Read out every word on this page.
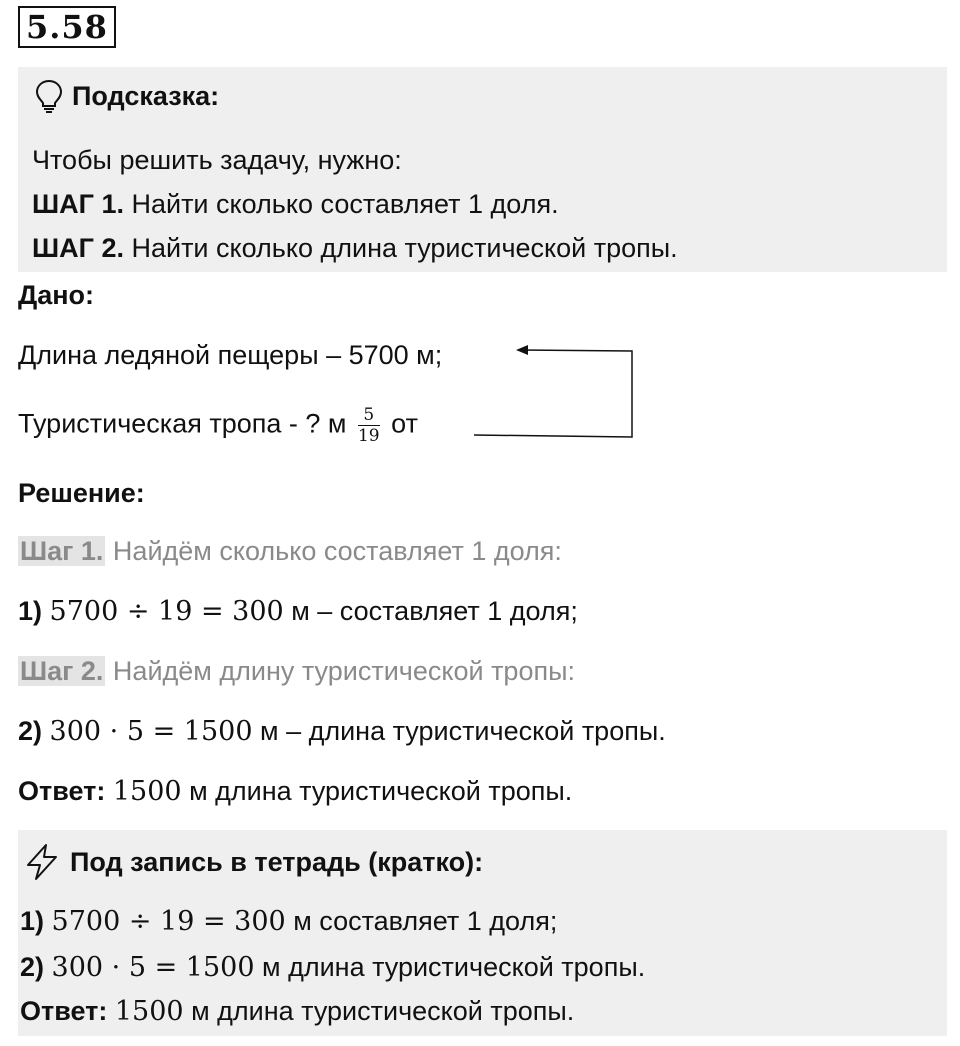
5.58
Подсказка:
Чтобы решить задачу, нужно:
ШАГ 1. Найти сколько составляет 1 доля.
ШАГ 2. Найти сколько длина туристической тропы.
Дано:
Длина ледяной пещеры – 5700 м;
Туристическая тропа - ? м $\frac{5}{19}$ от
Решение:
Шаг 1. Найдём сколько составляет 1 доля:
1) 5700 ÷ 19 = 300 м – составляет 1 доля;
Шаг 2. Найдём длину туристической тропы:
2) 300 · 5 = 1500 м – длина туристической тропы.
Ответ: 1500 м длина туристической тропы.
Под запись в тетрадь (кратко):
1) 5700 ÷ 19 = 300 м составляет 1 доля;
2) 300 · 5 = 1500 м длина туристической тропы.
Ответ: 1500 м длина туристической тропы.
